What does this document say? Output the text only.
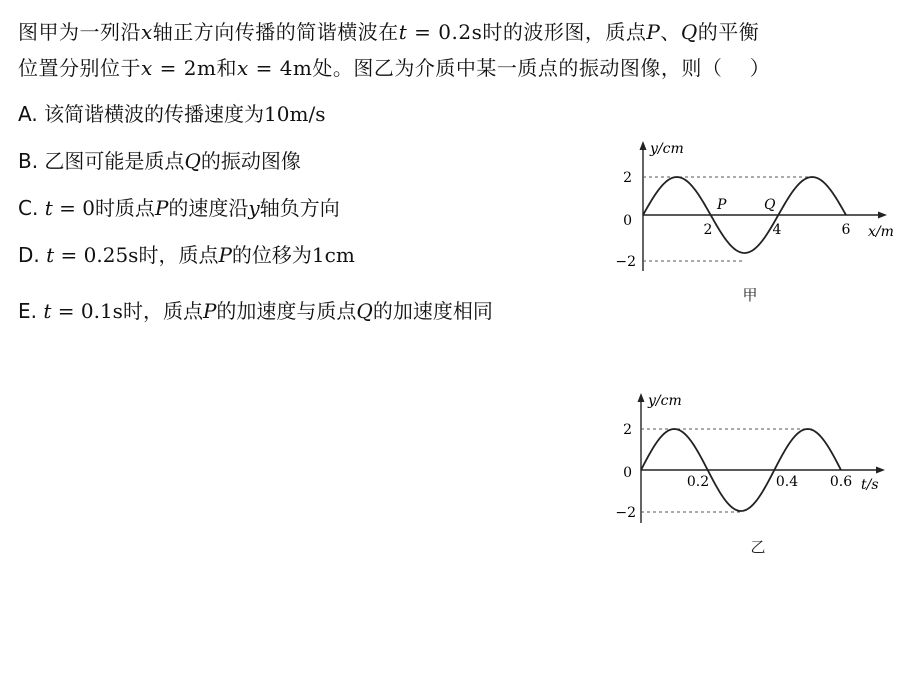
图甲为一列沿x轴正方向传播的简谐横波在t = 0.2s时的波形图，质点P、Q的平衡
位置分别位于x = 2m和x = 4m处。图乙为介质中某一质点的振动图像，则（　 ）
A. 该简谐横波的传播速度为10m/s
B. 乙图可能是质点Q的振动图像
C. t = 0时质点P的速度沿y轴负方向
D. t = 0.25s时，质点P的位移为1cm
E. t = 0.1s时，质点P的加速度与质点Q的加速度相同
y/cm
x/m
2
0
−2
2	4	6
P	Q
甲
y/cm
t/s
2
0
−2
0.2	0.4 0.6
乙
